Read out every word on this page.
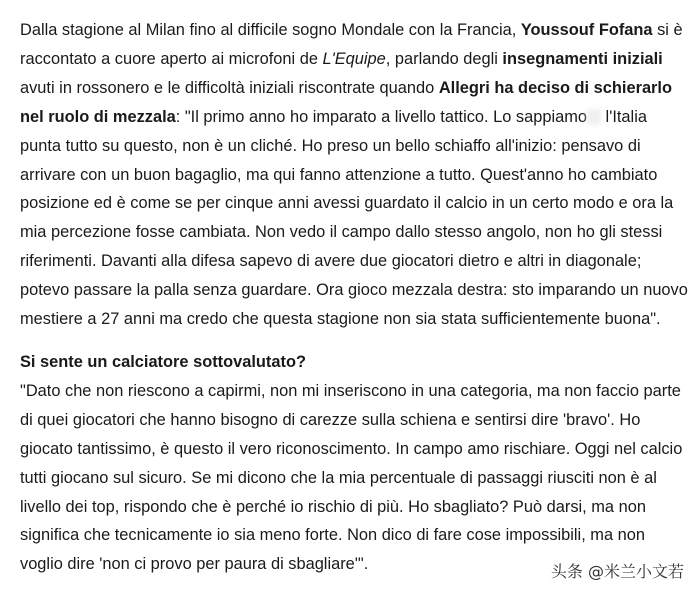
Dalla stagione al Milan fino al difficile sogno Mondale con la Francia, Youssouf Fofana si è raccontato a cuore aperto ai microfoni de L'Equipe, parlando degli insegnamenti iniziali avuti in rossonero e le difficoltà iniziali riscontrate quando Allegri ha deciso di schierarlo nel ruolo di mezzala: "Il primo anno ho imparato a livello tattico. Lo sappiamo l'Italia punta tutto su questo, non è un cliché. Ho preso un bello schiaffo all'inizio: pensavo di arrivare con un buon bagaglio, ma qui fanno attenzione a tutto. Quest'anno ho cambiato posizione ed è come se per cinque anni avessi guardato il calcio in un certo modo e ora la mia percezione fosse cambiata. Non vedo il campo dallo stesso angolo, non ho gli stessi riferimenti. Davanti alla difesa sapevo di avere due giocatori dietro e altri in diagonale; potevo passare la palla senza guardare. Ora gioco mezzala destra: sto imparando un nuovo mestiere a 27 anni ma credo che questa stagione non sia stata sufficientemente buona".

Si sente un calciatore sottovalutato?

"Dato che non riescono a capirmi, non mi inseriscono in una categoria, ma non faccio parte di quei giocatori che hanno bisogno di carezze sulla schiena e sentirsi dire 'bravo'. Ho giocato tantissimo, è questo il vero riconoscimento. In campo amo rischiare. Oggi nel calcio tutti giocano sul sicuro. Se mi dicono che la mia percentuale di passaggi riusciti non è al livello dei top, rispondo che è perché io rischio di più. Ho sbagliato? Può darsi, ma non significa che tecnicamente io sia meno forte. Non dico di fare cose impossibili, ma non voglio dire 'non ci provo per paura di sbagliare'".	头条 @米兰小文若
